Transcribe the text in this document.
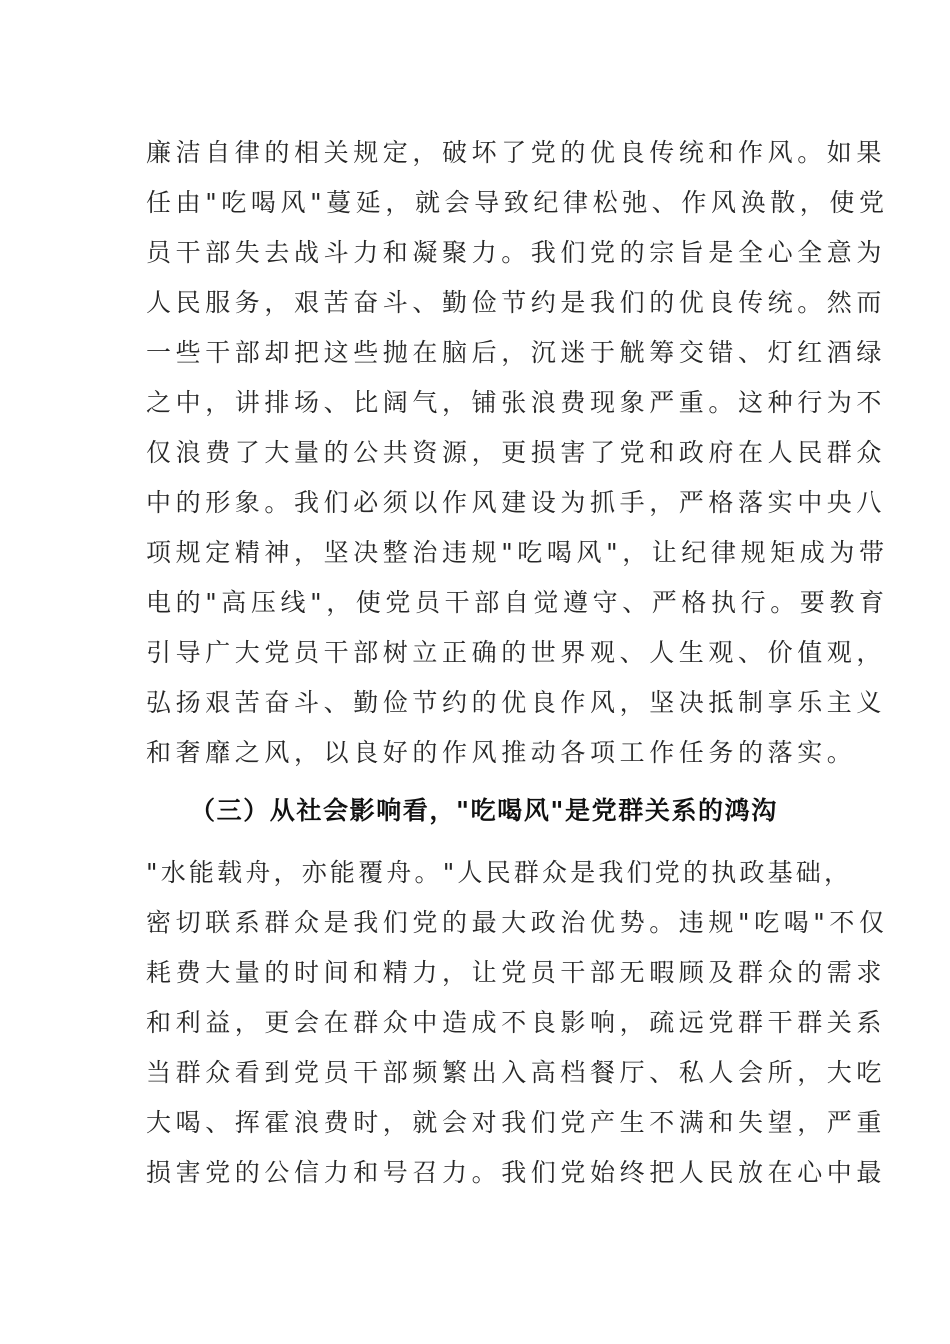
廉洁自律的相关规定，破坏了党的优良传统和作风。如果
任由"吃喝风"蔓延，就会导致纪律松弛、作风涣散，使党
员干部失去战斗力和凝聚力。我们党的宗旨是全心全意为
人民服务，艰苦奋斗、勤俭节约是我们的优良传统。然而
一些干部却把这些抛在脑后，沉迷于觥筹交错、灯红酒绿
之中，讲排场、比阔气，铺张浪费现象严重。这种行为不
仅浪费了大量的公共资源，更损害了党和政府在人民群众
中的形象。我们必须以作风建设为抓手，严格落实中央八
项规定精神，坚决整治违规"吃喝风"，让纪律规矩成为带
电的"高压线"，使党员干部自觉遵守、严格执行。要教育
引导广大党员干部树立正确的世界观、人生观、价值观，
弘扬艰苦奋斗、勤俭节约的优良作风，坚决抵制享乐主义
和奢靡之风，以良好的作风推动各项工作任务的落实。
（三）从社会影响看，"吃喝风"是党群关系的鸿沟
"水能载舟，亦能覆舟。"人民群众是我们党的执政基础，
密切联系群众是我们党的最大政治优势。违规"吃喝"不仅
耗费大量的时间和精力，让党员干部无暇顾及群众的需求
和利益，更会在群众中造成不良影响，疏远党群干群关系
当群众看到党员干部频繁出入高档餐厅、私人会所，大吃
大喝、挥霍浪费时，就会对我们党产生不满和失望，严重
损害党的公信力和号召力。我们党始终把人民放在心中最
